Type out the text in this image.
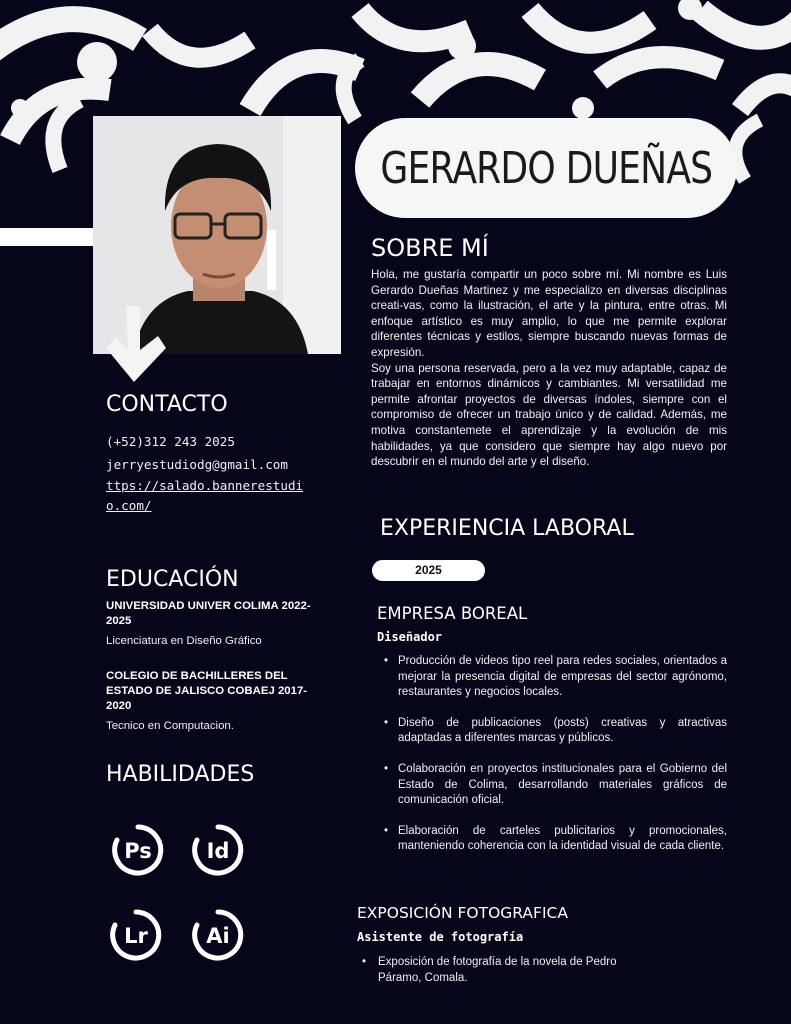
GERARDO DUEÑAS
SOBRE MÍ

Hola, me gustaría compartir un poco sobre mí. Mi nombre es Luis Gerardo Dueñas Martinez y me especializo en diversas disciplinas creati-vas, como la ilustración, el arte y la pintura, entre otras. Mi enfoque artístico es muy amplio, lo que me permite explorar diferentes técnicas y estilos, siempre buscando nuevas formas de expresión.

Soy una persona reservada, pero a la vez muy adaptable, capaz de trabajar en entornos dinámicos y cambiantes. Mi versatilidad me permite afrontar proyectos de diversas índoles, siempre con el compromiso de ofrecer un trabajo único y de calidad. Además, me motiva constantemete el aprendizaje y la evolución de mis habilidades, ya que considero que siempre hay algo nuevo por descubrir en el mundo del arte y el diseño.

CONTACTO
(+52)312 243 2025
jerryestudiodg@gmail.com
ttps://salado.bannerestudio.com/
EDUCACIÓN
UNIVERSIDAD UNIVER COLIMA 2022-2025
Licenciatura en Diseño Gráfico
COLEGIO DE BACHILLERES DEL ESTADO DE JALISCO COBAEJ 2017-2020
Tecnico en Computacion.
HABILIDADES
Ps	Id
Lr	Ai
EXPERIENCIA LABORAL
2025
EMPRESA BOREAL
Diseñador
• Producción de videos tipo reel para redes sociales, orientados a mejorar la presencia digital de empresas del sector agrónomo, restaurantes y negocios locales.
• Diseño de publicaciones (posts) creativas y atractivas adaptadas a diferentes marcas y públicos.
• Colaboración en proyectos institucionales para el Gobierno del Estado de Colima, desarrollando materiales gráficos de comunicación oficial.
• Elaboración de carteles publicitarios y promocionales, manteniendo coherencia con la identidad visual de cada cliente.
EXPOSICIÓN FOTOGRAFICA
Asistente de fotografía
• Exposición de fotografía de la novela de Pedro Páramo, Comala.
